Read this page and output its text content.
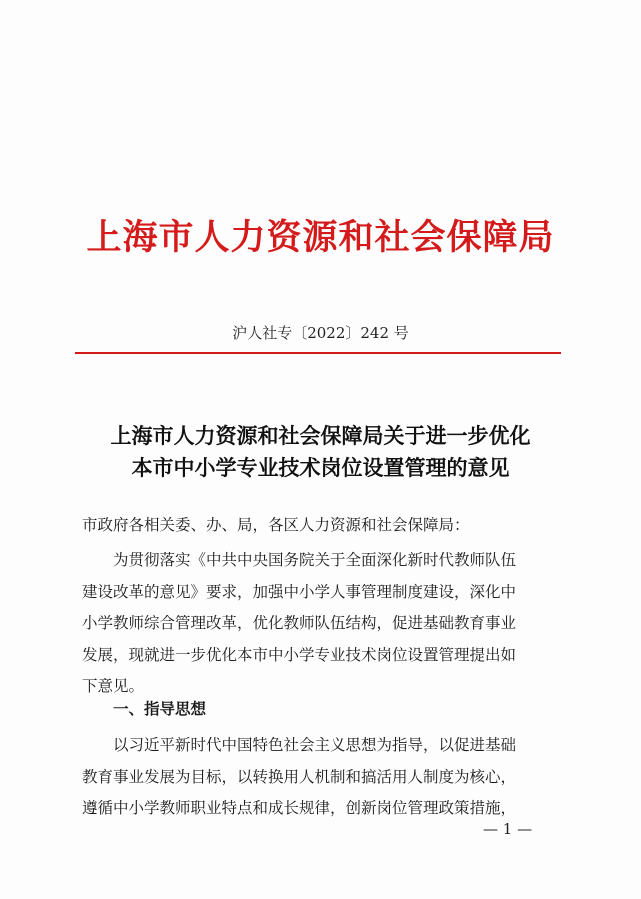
上海市人力资源和社会保障局
沪人社专〔2022〕242 号
上海市人力资源和社会保障局关于进一步优化
本市中小学专业技术岗位设置管理的意见
市政府各相关委、办、局，各区人力资源和社会保障局：
为贯彻落实《中共中央国务院关于全面深化新时代教师队伍
建设改革的意见》要求，加强中小学人事管理制度建设，深化中
小学教师综合管理改革，优化教师队伍结构，促进基础教育事业
发展，现就进一步优化本市中小学专业技术岗位设置管理提出如
下意见。
一、指导思想
以习近平新时代中国特色社会主义思想为指导，以促进基础
教育事业发展为目标，以转换用人机制和搞活用人制度为核心，
遵循中小学教师职业特点和成长规律，创新岗位管理政策措施，
— 1 —
